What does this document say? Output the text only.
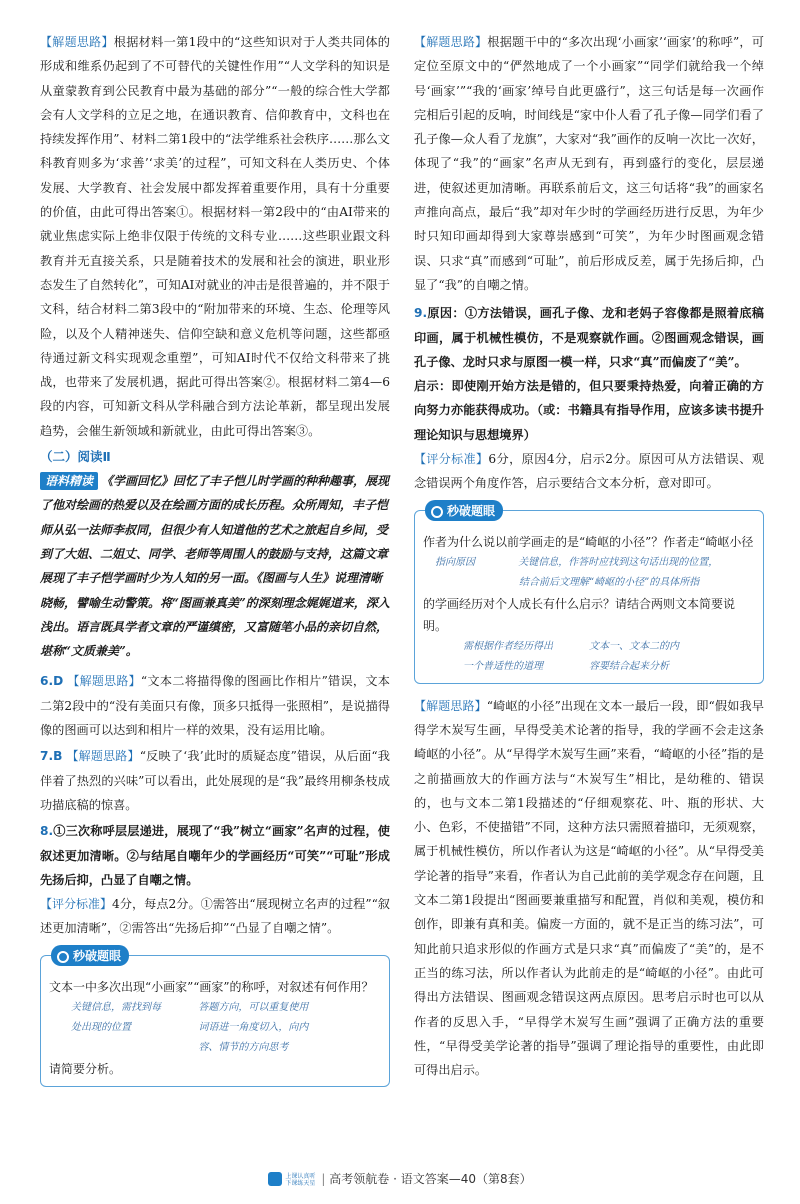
【解题思路】根据材料一第1段中的“这些知识对于人类共同体的形成和维系仍起到了不可替代的关键性作用”“人文学科的知识是从童蒙教育到公民教育中最为基础的部分”“一般的综合性大学都会有人文学科的立足之地，在通识教育、信仰教育中，文科也在持续发挥作用”、材料二第1段中的“法学维系社会秩序……那么文科教育则多为‘求善’‘求美’的过程”，可知文科在人类历史、个体发展、大学教育、社会发展中都发挥着重要作用，具有十分重要的价值，由此可得出答案①。根据材料一第2段中的“由AI带来的就业焦虑实际上绝非仅限于传统的文科专业……这些职业跟文科教育并无直接关系，只是随着技术的发展和社会的演进，职业形态发生了自然转化”，可知AI对就业的冲击是很普遍的，并不限于文科，结合材料二第3段中的“附加带来的环境、生态、伦理等风险，以及个人精神迷失、信仰空缺和意义危机等问题，这些都亟待通过新文科实现观念重塑”，可知AI时代不仅给文科带来了挑战，也带来了发展机遇，据此可得出答案②。根据材料二第4—6段的内容，可知新文科从学科融合到方法论革新，都呈现出发展趋势，会催生新领域和新就业，由此可得出答案③。

（二）阅读Ⅱ

语料精读 《学画回忆》回忆了丰子恺儿时学画的种种趣事，展现了他对绘画的热爱以及在绘画方面的成长历程。众所周知，丰子恺师从弘一法师李叔同，但很少有人知道他的艺术之旅起自乡间，受到了大姐、二姐丈、同学、老师等周围人的鼓励与支持，这篇文章展现了丰子恺学画时少为人知的另一面。《图画与人生》说理清晰晓畅，譬喻生动警策。将“图画兼真美”的深刻理念娓娓道来，深入浅出。语言既具学者文章的严谨缜密，又富随笔小品的亲切自然，堪称“文质兼美”。

6.D 【解题思路】“文本二将描得像的图画比作相片”错误，文本二第2段中的“没有美面只有像，顶多只抵得一张照相”，是说描得像的图画可以达到和相片一样的效果，没有运用比喻。

7.B 【解题思路】“反映了‘我’此时的质疑态度”错误，从后面“我伴着了热烈的兴味”可以看出，此处展现的是“我”最终用柳条枝成功描底稿的惊喜。

8.①三次称呼层层递进，展现了“我”树立“画家”名声的过程，使叙述更加清晰。②与结尾自嘲年少的学画经历“可笑”“可耻”形成先扬后抑，凸显了自嘲之情。

【评分标准】4分，每点2分。①需答出“展现树立名声的过程”“叙述更加清晰”，②需答出“先扬后抑”“凸显了自嘲之情”。

秒破题眼

文本一中多次出现“小画家”“画家”的称呼，对叙述有何作用？

关键信息，需找到每

处出现的位置

答题方向，可以重复使用

词语进一角度切入，向内

容、情节的方向思考

请简要分析。

【解题思路】根据题干中的“多次出现‘小画家’‘画家’的称呼”，可定位至原文中的“俨然地成了一个小画家”“同学们就给我一个绰号‘画家’”“我的‘画家’绰号自此更盛行”，这三句话是每一次画作完相后引起的反响，时间线是“家中仆人看了孔子像—同学们看了孔子像—众人看了龙旗”，大家对“我”画作的反响一次比一次好，体现了“我”的“画家”名声从无到有，再到盛行的变化，层层递进，使叙述更加清晰。再联系前后文，这三句话将“我”的画家名声推向高点，最后“我”却对年少时的学画经历进行反思，为年少时只知印画却得到大家尊崇感到“可笑”，为年少时图画观念错误、只求“真”而感到“可耻”，前后形成反差，属于先扬后抑，凸显了“我”的自嘲之情。

9.原因：①方法错误，画孔子像、龙和老妈子容像都是照着底稿印画，属于机械性模仿，不是观察就作画。②图画观念错误，画孔子像、龙时只求与原图一模一样，只求“真”而偏废了“美”。

启示：即使刚开始方法是错的，但只要秉持热爱，向着正确的方向努力亦能获得成功。（或：书籍具有指导作用，应该多读书提升理论知识与思想境界）

【评分标准】6分，原因4分，启示2分。原因可从方法错误、观念错误两个角度作答，启示要结合文本分析，意对即可。

秒破题眼

作者为什么说以前学画走的是“崎岖的小径”？作者走“崎岖小径

指向原因	关键信息，作答时应找到这句话出现的位置，

结合前后文理解“崎岖的小径”的具体所指

的学画经历对个人成长有什么启示？请结合两则文本简要说明。

需根据作者经历得出

一个普适性的道理

文本一、文本二的内

容要结合起来分析

【解题思路】“崎岖的小径”出现在文本一最后一段，即“假如我早得学木炭写生画，早得受美术论著的指导，我的学画不会走这条崎岖的小径”。从“早得学木炭写生画”来看，“崎岖的小径”指的是之前描画放大的作画方法与“木炭写生”相比，是幼稚的、错误的，也与文本二第1段描述的“仔细观察花、叶、瓶的形状、大小、色彩，不使描错”不同，这种方法只需照着描印，无须观察，属于机械性模仿，所以作者认为这是“崎岖的小径”。从“早得受美学论著的指导”来看，作者认为自己此前的美学观念存在问题，且文本二第1段提出“图画要兼重描写和配置，肖似和美观，模仿和创作，即兼有真和美。偏废一方面的，就不是正当的练习法”，可知此前只追求形似的作画方式是只求“真”而偏废了“美”的，是不正当的练习法，所以作者认为此前走的是“崎岖的小径”。由此可得出方法错误、图画观念错误这两点原因。思考启示时也可以从作者的反思入手，“早得学木炭写生画”强调了正确方法的重要性，“早得受美学论著的指导”强调了理论指导的重要性，由此即可得出启示。

上课认真听
下课练天星 | 高考领航卷 · 语文答案—40（第8套）
